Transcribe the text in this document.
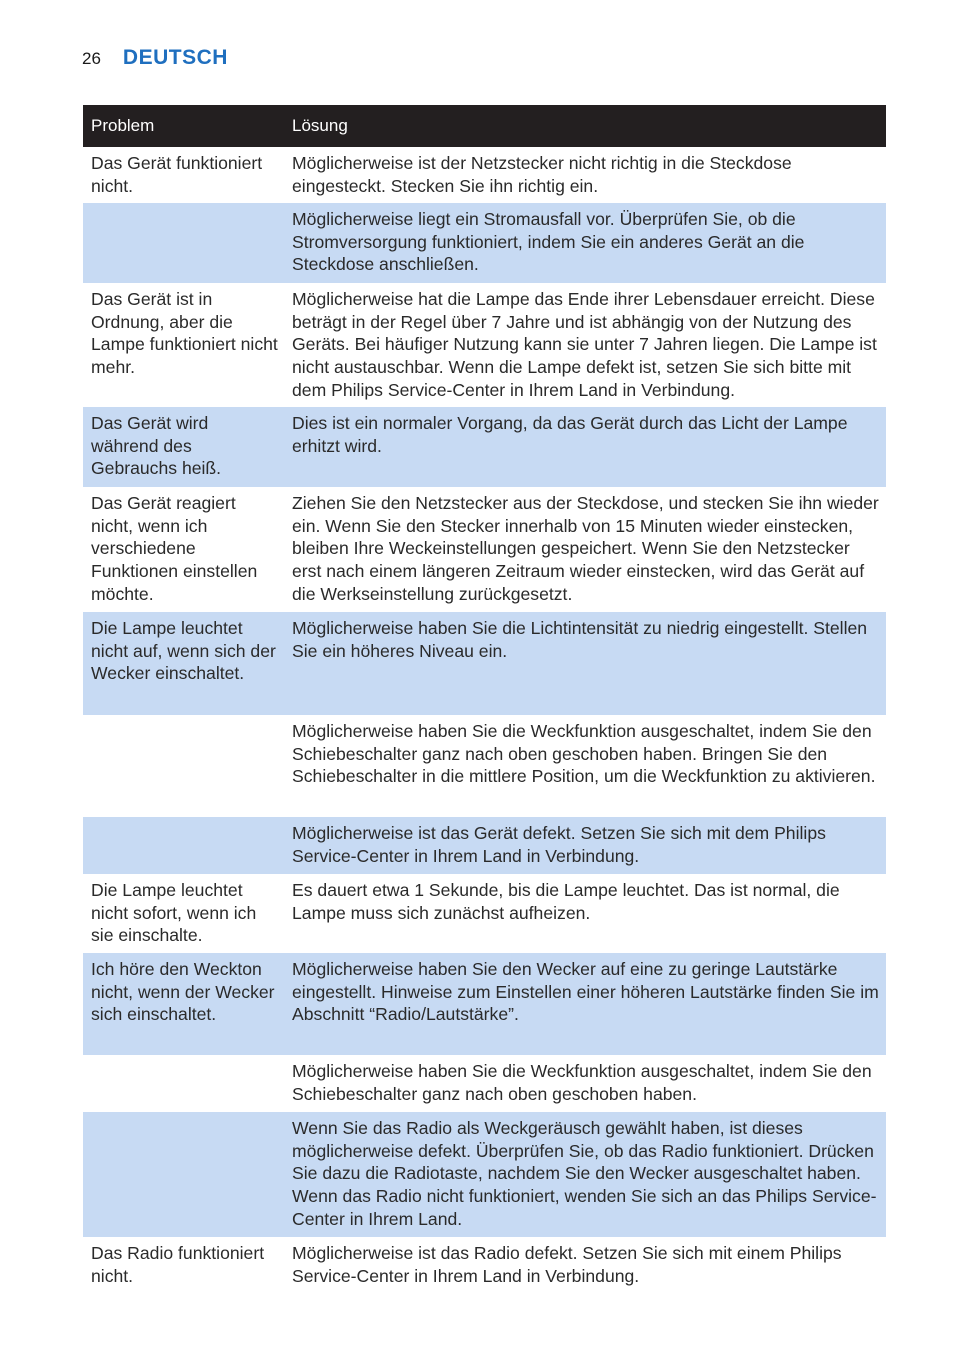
26 DEUTSCH
Problem	Lösung
Das Gerät funktioniert nicht.
Möglicherweise ist der Netzstecker nicht richtig in die Steckdose eingesteckt. Stecken Sie ihn richtig ein.
Möglicherweise liegt ein Stromausfall vor. Überprüfen Sie, ob die Stromversorgung funktioniert, indem Sie ein anderes Gerät an die Steckdose anschließen.
Das Gerät ist in Ordnung, aber die Lampe funktioniert nicht mehr.
Möglicherweise hat die Lampe das Ende ihrer Lebensdauer erreicht. Diese beträgt in der Regel über 7 Jahre und ist abhängig von der Nutzung des Geräts. Bei häufiger Nutzung kann sie unter 7 Jahren liegen. Die Lampe ist nicht austauschbar. Wenn die Lampe defekt ist, setzen Sie sich bitte mit dem Philips Service-Center in Ihrem Land in Verbindung.
Das Gerät wird während des Gebrauchs heiß.
Dies ist ein normaler Vorgang, da das Gerät durch das Licht der Lampe erhitzt wird.
Das Gerät reagiert nicht, wenn ich verschiedene Funktionen einstellen möchte.
Ziehen Sie den Netzstecker aus der Steckdose, und stecken Sie ihn wieder ein. Wenn Sie den Stecker innerhalb von 15 Minuten wieder einstecken, bleiben Ihre Weckeinstellungen gespeichert. Wenn Sie den Netzstecker erst nach einem längeren Zeitraum wieder einstecken, wird das Gerät auf die Werkseinstellung zurückgesetzt.
Die Lampe leuchtet nicht auf, wenn sich der Wecker einschaltet.
Möglicherweise haben Sie die Lichtintensität zu niedrig eingestellt. Stellen Sie ein höheres Niveau ein.
Möglicherweise haben Sie die Weckfunktion ausgeschaltet, indem Sie den Schiebeschalter ganz nach oben geschoben haben. Bringen Sie den Schiebeschalter in die mittlere Position, um die Weckfunktion zu aktivieren.
Möglicherweise ist das Gerät defekt. Setzen Sie sich mit dem Philips Service-Center in Ihrem Land in Verbindung.
Die Lampe leuchtet nicht sofort, wenn ich sie einschalte.
Es dauert etwa 1 Sekunde, bis die Lampe leuchtet. Das ist normal, die Lampe muss sich zunächst aufheizen.
Ich höre den Weckton nicht, wenn der Wecker sich einschaltet.
Möglicherweise haben Sie den Wecker auf eine zu geringe Lautstärke eingestellt. Hinweise zum Einstellen einer höheren Lautstärke finden Sie im Abschnitt “Radio/Lautstärke”.
Möglicherweise haben Sie die Weckfunktion ausgeschaltet, indem Sie den Schiebeschalter ganz nach oben geschoben haben.
Wenn Sie das Radio als Weckgeräusch gewählt haben, ist dieses möglicherweise defekt. Überprüfen Sie, ob das Radio funktioniert. Drücken Sie dazu die Radiotaste, nachdem Sie den Wecker ausgeschaltet haben. Wenn das Radio nicht funktioniert, wenden Sie sich an das Philips Service-Center in Ihrem Land.
Das Radio funktioniert nicht.
Möglicherweise ist das Radio defekt. Setzen Sie sich mit einem Philips Service-Center in Ihrem Land in Verbindung.
